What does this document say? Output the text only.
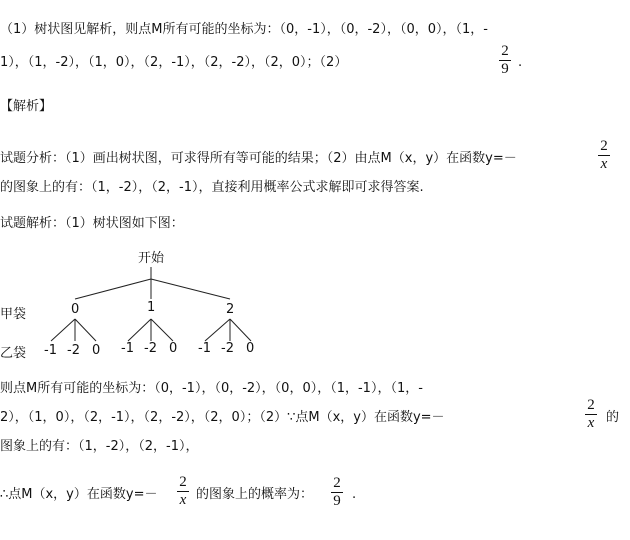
（1）树状图见解析，则点M所有可能的坐标为：（0，-1），（0，-2），（0，0），（1，-
1），（1，-2），（1，0），（2，-1），（2，-2），（2，0）；（2）
2
9 .
【解析】
试题分析：（1）画出树状图，可求得所有等可能的结果；（2）由点M（x，y）在函数y=－
2
x
的图象上的有：（1，-2），（2，-1），直接利用概率公式求解即可求得答案.
试题解析：（1）树状图如下图：
开始
甲袋
乙袋
0	1	2
-1 -2 0 -1 -2 0 -1 -2 0
则点M所有可能的坐标为：（0，-1），（0，-2），（0，0），（1，-1），（1，-
2），（1，0），（2，-1），（2，-2），（2，0）；（2）∵点M（x，y）在函数y=－
2
x 的
图象上的有：（1，-2），（2，-1），
∴点M（x，y）在函数y=－
2
x 的图象上的概率为：
2
9 .
